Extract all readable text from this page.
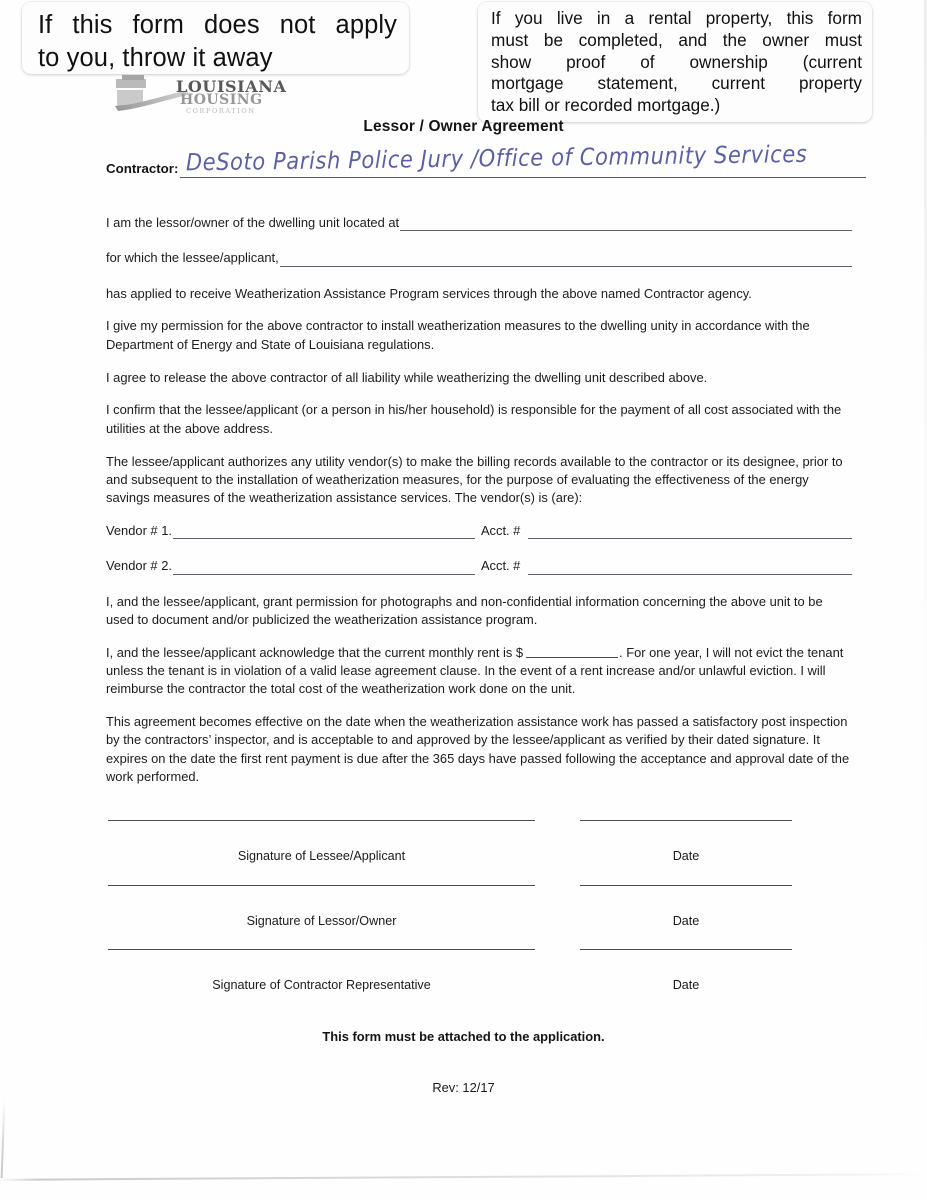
If this form does not apply
to you, throw it away
If you live in a rental property, this form
must be completed, and the owner must
show proof of ownership (current
mortgage statement, current property
tax bill or recorded mortgage.)
LOUISIANA
HOUSING
CORPORATION
Lessor / Owner Agreement
Contractor: DeSoto Parish Police Jury /Office of Community Services
I am the lessor/owner of the dwelling unit located at
for which the lessee/applicant,

has applied to receive Weatherization Assistance Program services through the above named Contractor agency.

I give my permission for the above contractor to install weatherization measures to the dwelling unity in accordance with the Department of Energy and State of Louisiana regulations.

I agree to release the above contractor of all liability while weatherizing the dwelling unit described above.

I confirm that the lessee/applicant (or a person in his/her household) is responsible for the payment of all cost associated with the utilities at the above address.

The lessee/applicant authorizes any utility vendor(s) to make the billing records available to the contractor or its designee, prior to and subsequent to the installation of weatherization measures, for the purpose of evaluating the effectiveness of the energy savings measures of the weatherization assistance services. The vendor(s) is (are):

Vendor # 1.	Acct. #
Vendor # 2.	Acct. #

I, and the lessee/applicant, grant permission for photographs and non-confidential information concerning the above unit to be used to document and/or publicized the weatherization assistance program.

I, and the lessee/applicant acknowledge that the current monthly rent is $	. For one year, I will not evict the tenant unless the tenant is in violation of a valid lease agreement clause. In the event of a rent increase and/or unlawful eviction. I will reimburse the contractor the total cost of the weatherization work done on the unit.

This agreement becomes effective on the date when the weatherization assistance work has passed a satisfactory post inspection by the contractors’ inspector, and is acceptable to and approved by the lessee/applicant as verified by their dated signature. It expires on the date the first rent payment is due after the 365 days have passed following the acceptance and approval date of the work performed.

Signature of Lessee/Applicant	Date
Signature of Lessor/Owner	Date
Signature of Contractor Representative	Date
This form must be attached to the application.
Rev: 12/17
